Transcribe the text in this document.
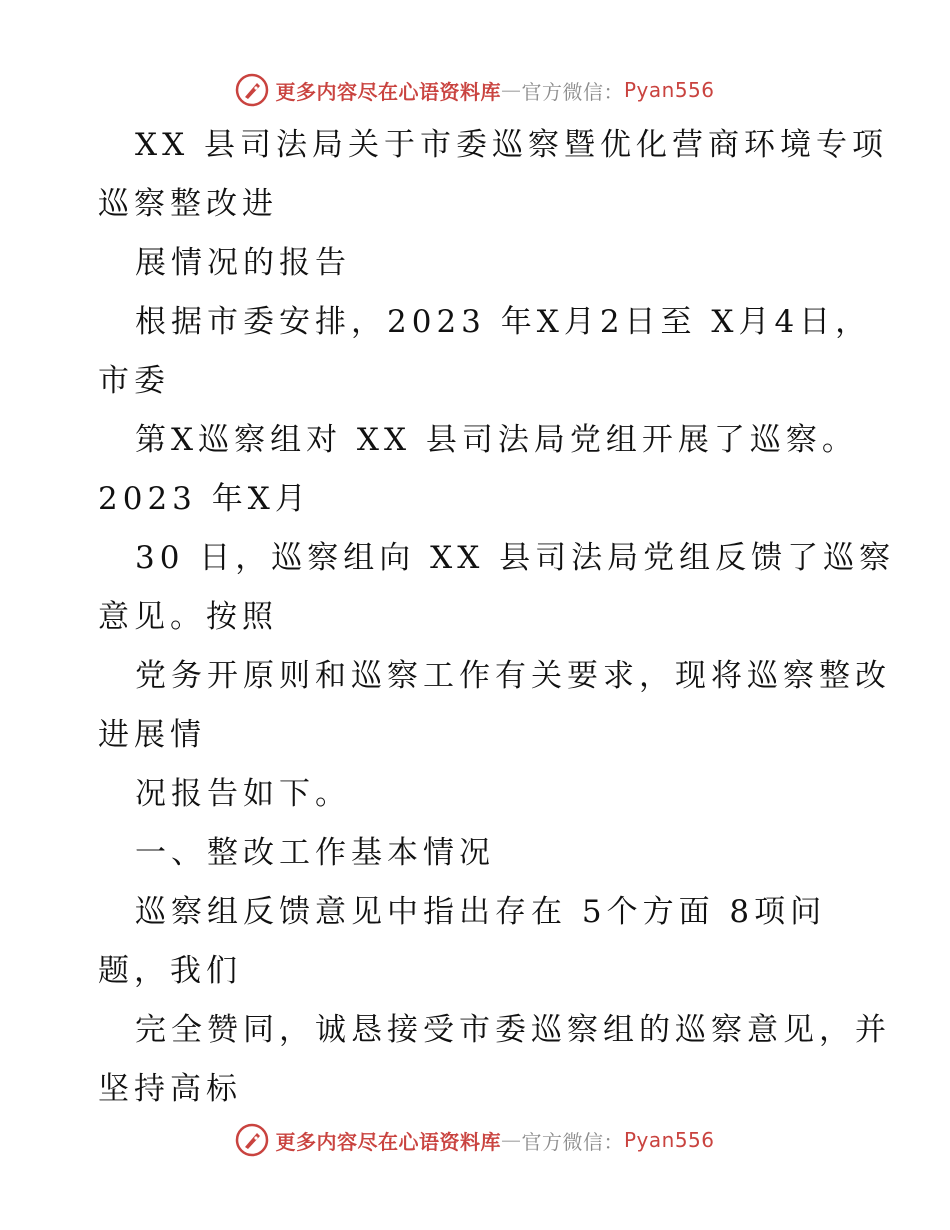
更多内容尽在心语资料库 — 官方微信： Pyan556
XX 县司法局关于市委巡察暨优化营商环境专项
巡察整改进
展情况的报告
根据市委安排，2023 年X月2日至 X月4日，
市委
第X巡察组对 XX 县司法局党组开展了巡察。
2023 年X月
30 日，巡察组向 XX 县司法局党组反馈了巡察
意见。按照
党务开原则和巡察工作有关要求，现将巡察整改
进展情
况报告如下。
一、整改工作基本情况
巡察组反馈意见中指出存在 5个方面 8项问
题，我们
完全赞同，诚恳接受市委巡察组的巡察意见，并
坚持高标
更多内容尽在心语资料库 — 官方微信： Pyan556
